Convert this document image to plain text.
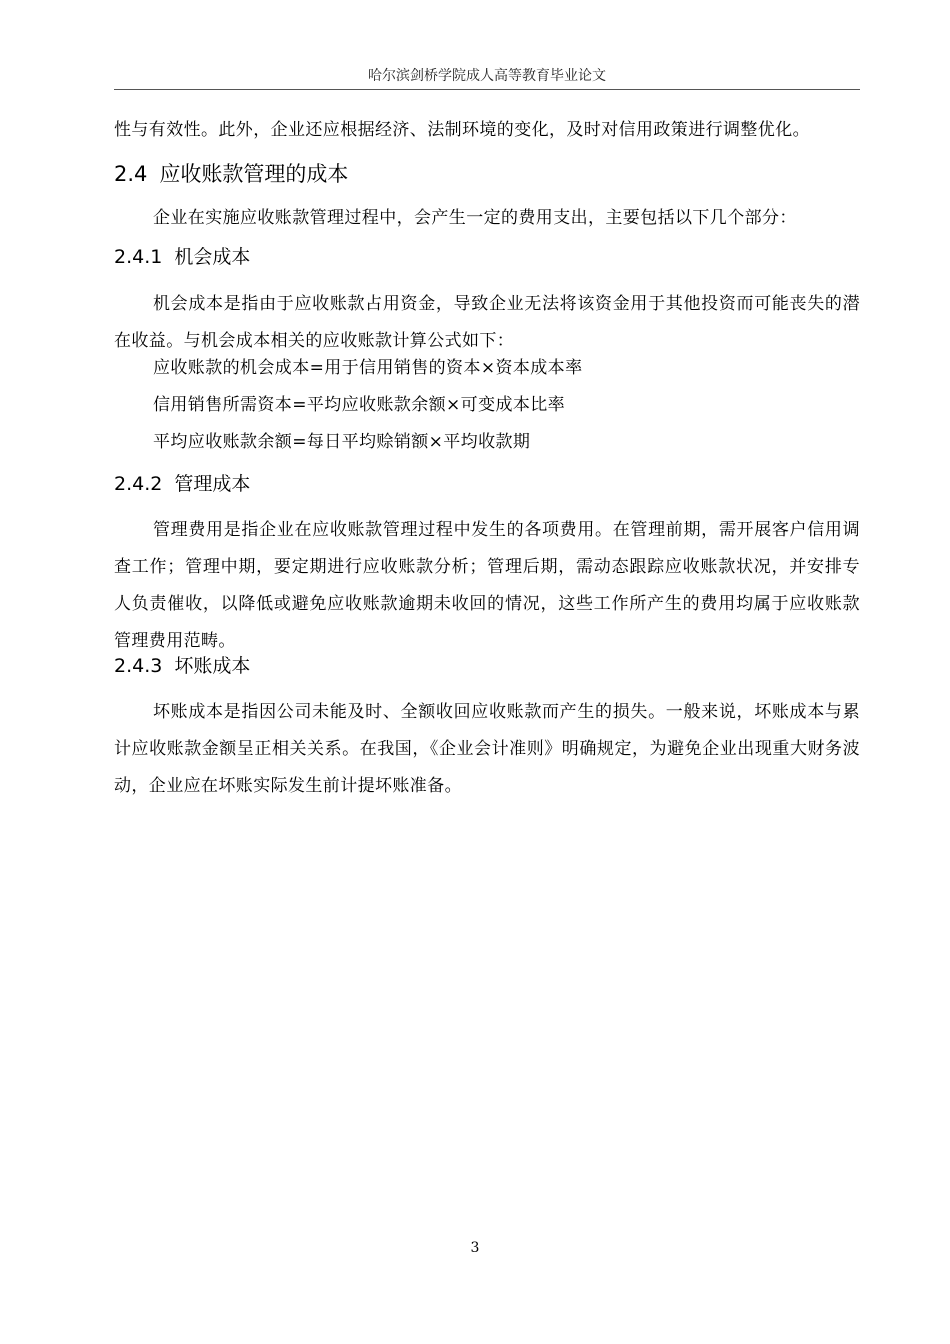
哈尔滨剑桥学院成人高等教育毕业论文
性与有效性。此外，企业还应根据经济、法制环境的变化，及时对信用政策进行调整优化。
2.4 应收账款管理的成本
企业在实施应收账款管理过程中，会产生一定的费用支出，主要包括以下几个部分：
2.4.1 机会成本
机会成本是指由于应收账款占用资金，导致企业无法将该资金用于其他投资而可能丧失的潜在收益。与机会成本相关的应收账款计算公式如下：
应收账款的机会成本=用于信用销售的资本×资本成本率
信用销售所需资本=平均应收账款余额×可变成本比率
平均应收账款余额=每日平均赊销额×平均收款期
2.4.2 管理成本
管理费用是指企业在应收账款管理过程中发生的各项费用。在管理前期，需开展客户信用调查工作；管理中期，要定期进行应收账款分析；管理后期，需动态跟踪应收账款状况，并安排专人负责催收，以降低或避免应收账款逾期未收回的情况，这些工作所产生的费用均属于应收账款管理费用范畴。
2.4.3 坏账成本
坏账成本是指因公司未能及时、全额收回应收账款而产生的损失。一般来说，坏账成本与累计应收账款金额呈正相关关系。在我国，《企业会计准则》明确规定，为避免企业出现重大财务波动，企业应在坏账实际发生前计提坏账准备。
3
